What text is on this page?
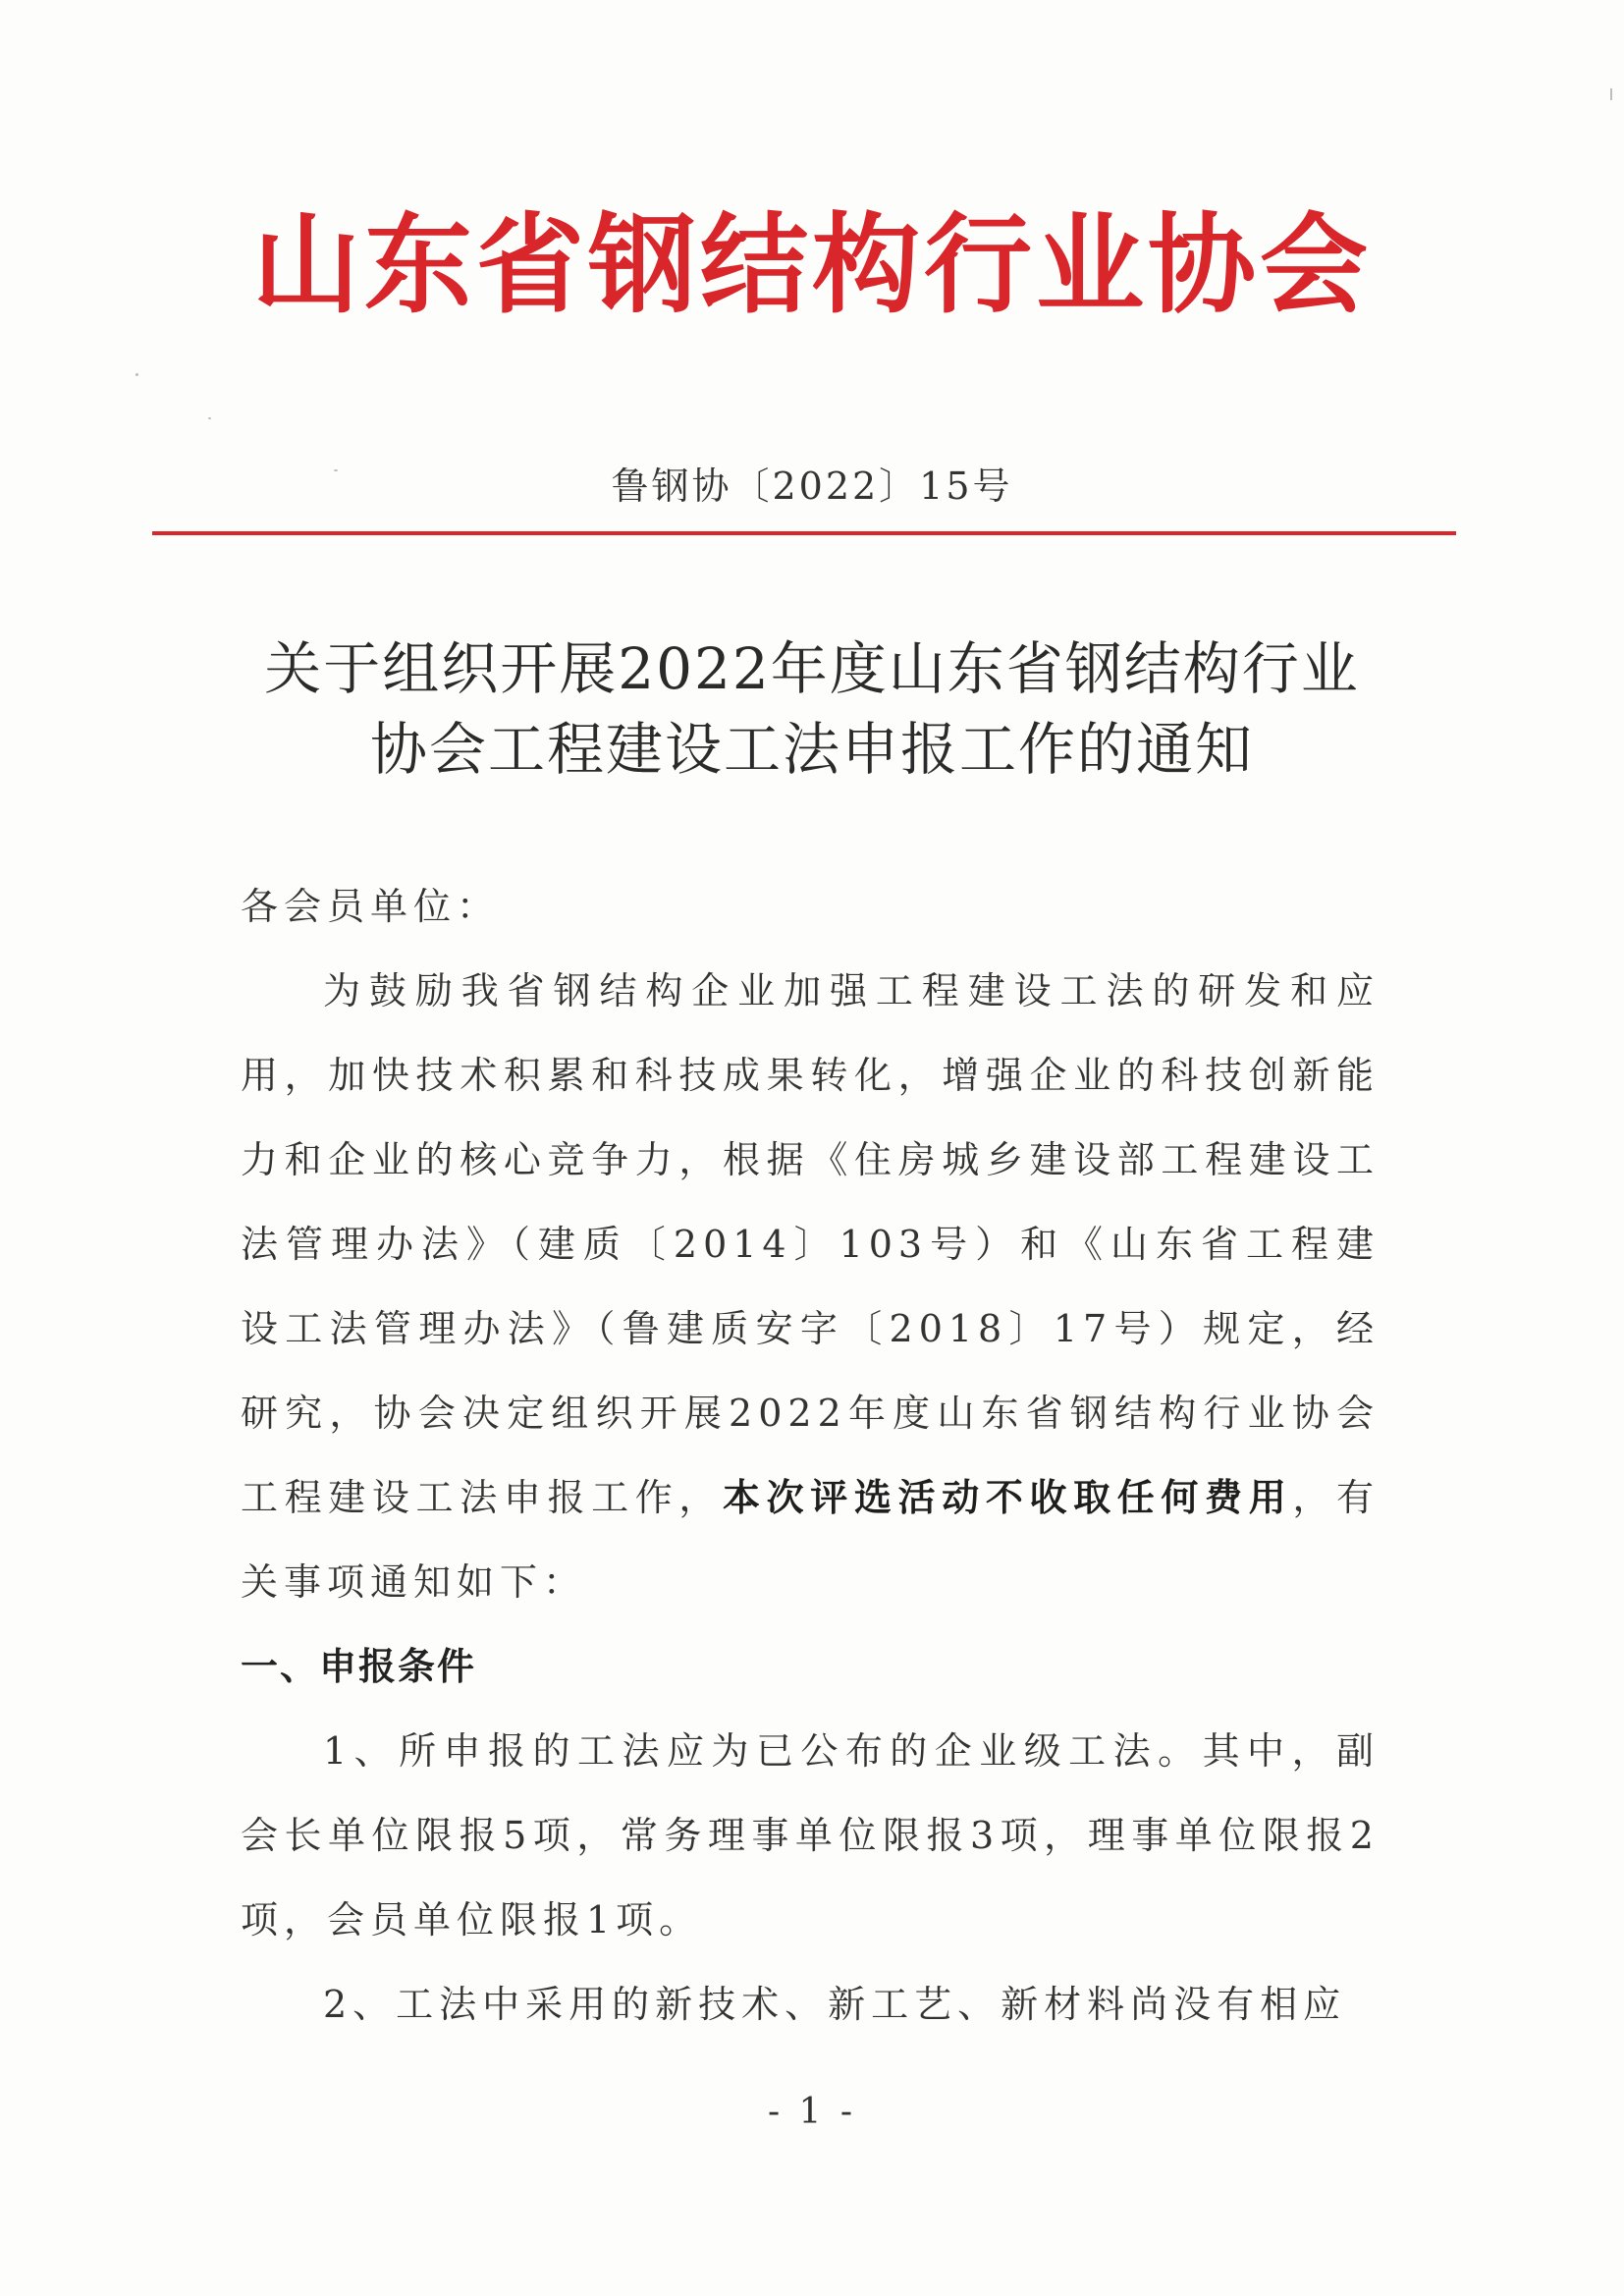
山东省钢结构行业协会
鲁钢协〔2022〕15号
关于组织开展2022年度山东省钢结构行业
协会工程建设工法申报工作的通知

各会员单位：

为鼓励我省钢结构企业加强工程建设工法的研发和应用，加快技术积累和科技成果转化，增强企业的科技创新能力和企业的核心竞争力，根据《住房城乡建设部工程建设工法管理办法》（建质〔2014〕103号）和《山东省工程建设工法管理办法》（鲁建质安字〔2018〕17号）规定，经研究，协会决定组织开展2022年度山东省钢结构行业协会工程建设工法申报工作，本次评选活动不收取任何费用，有关事项通知如下：

一、申报条件

1、所申报的工法应为已公布的企业级工法。其中，副会长单位限报5项，常务理事单位限报3项，理事单位限报2项，会员单位限报1项。

2、工法中采用的新技术、新工艺、新材料尚没有相应

- 1 -
